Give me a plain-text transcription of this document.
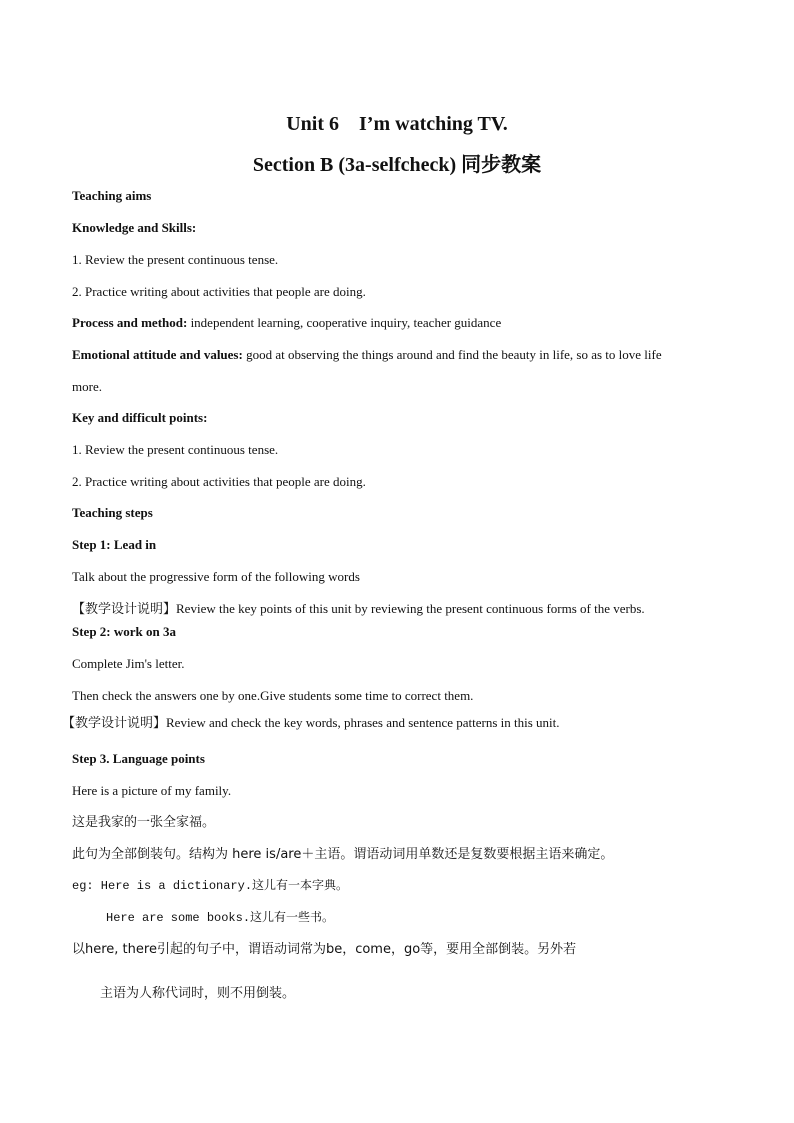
Unit 6　I’m watching TV.
Section B (3a-selfcheck) 同步教案
Teaching aims
Knowledge and Skills:
1. Review the present continuous tense.
2. Practice writing about activities that people are doing.
Process and method: independent learning, cooperative inquiry, teacher guidance
Emotional attitude and values: good at observing the things around and find the beauty in life, so as to love life
more.
Key and difficult points:
1. Review the present continuous tense.
2. Practice writing about activities that people are doing.
Teaching steps
Step 1: Lead in
Talk about the progressive form of the following words
【教学设计说明】Review the key points of this unit by reviewing the present continuous forms of the verbs.
Step 2: work on 3a
Complete Jim's letter.
Then check the answers one by one.Give students some time to correct them.
【教学设计说明】Review and check the key words, phrases and sentence patterns in this unit.
Step 3. Language points
Here is a picture of my family.
这是我家的一张全家福。
此句为全部倒装句。结构为 here is/are＋主语。谓语动词用单数还是复数要根据主语来确定。
eg: Here is a dictionary.这儿有一本字典。
Here are some books.这儿有一些书。
以here, there引起的句子中，谓语动词常为be，come，go等，要用全部倒装。另外若
主语为人称代词时，则不用倒装。
